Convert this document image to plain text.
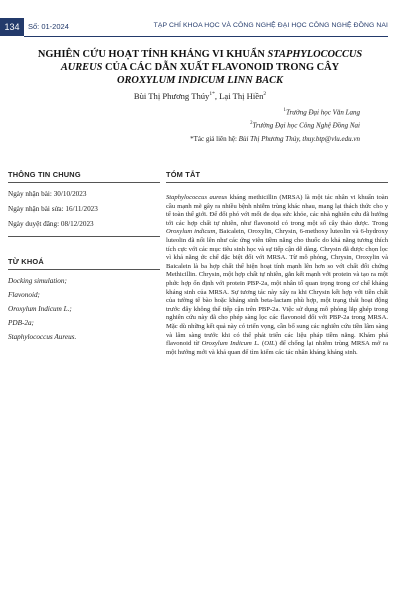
134	Số: 01-2024	TẠP CHÍ KHOA HỌC VÀ CÔNG NGHỆ ĐẠI HỌC CÔNG NGHỆ ĐỒNG NAI
NGHIÊN CỨU HOẠT TÍNH KHÁNG VI KHUẨN STAPHYLOCOCCUS
AUREUS CỦA CÁC DẪN XUẤT FLAVONOID TRONG CÂY
OROXYLUM INDICUM LINN BACK
Bùi Thị Phương Thúy$^{1*}$, Lại Thị Hiền$^2$
$^1$Trường Đại học Văn Lang
$^2$Trường Đại học Công Nghệ Đồng Nai
*Tác giả liên hệ: Bùi Thị Phương Thúy, thuy.btp@vlu.edu.vn
THÔNG TIN CHUNG
Ngày nhận bài: 30/10/2023
Ngày nhận bài sửa: 16/11/2023
Ngày duyệt đăng: 08/12/2023
TỪ KHOÁ
Docking simulation;
Flavonoid;
Oroxylum Indicum L.;
PDB-2a;
Staphylococcus Aureus.
TÓM TẮT
Staphylococcus aureus kháng methicillin (MRSA) là một tác nhân vi khuẩn toàn cầu mạnh mẽ gây ra nhiều bệnh nhiễm trùng khác nhau, mang lại thách thức cho y tế toàn thế giới. Để đối phó với mối đe dọa sức khỏe, các nhà nghiên cứu đã hướng tới các hợp chất tự nhiên, như flavonoid có trong một số cây thảo dược. Trong Oroxylum indicum, Baicalein, Oroxylin, Chrysin, 6-methoxy luteolin và 6-hydroxy luteolin đã nổi lên như các ứng viên tiềm năng cho thuốc do khả năng tương thích tích cực với các mục tiêu sinh học và sự tiếp cận dễ dàng. Chrysin đã được chọn lọc vì khả năng ức chế đặc biệt đối với MRSA. Từ mô phỏng, Chrysin, Oroxylin và Baicalein là ba hợp chất thể hiện hoạt tính mạnh lên hơn so với chất đối chứng Methicillin. Chrysin, một hợp chất tự nhiên, gắn kết mạnh với protein và tạo ra một phức hợp ổn định với protein PBP-2a, một nhân tố quan trọng trong cơ chế kháng kháng sinh của MRSA. Sự tương tác này xây ra khi Chrysin kết hợp với tiền chất của tường tế bào hoặc kháng sinh beta-lactam phù hợp, một trạng thái hoạt động trước đây không thể tiếp cận trên PBP-2a. Việc sử dụng mô phỏng lắp ghép trong nghiên cứu này đã cho phép sàng lọc các flavonoid đối với PBP-2a trong MRSA. Mặc dù những kết quả này có triển vọng, cần bổ sung các nghiên cứu tiền lâm sàng và lâm sàng trước khi có thể phát triển các liệu pháp tiềm năng. Khám phá flavonoid từ Oroxylum Indicum L. (OIL) để chống lại nhiễm trùng MRSA mở ra một hướng mới và khả quan để tìm kiếm các tác nhân kháng kháng sinh.
